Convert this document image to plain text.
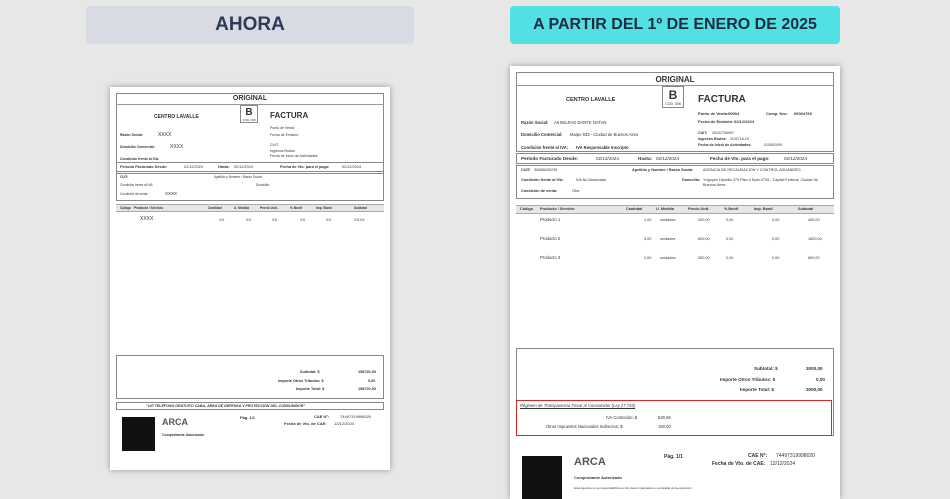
AHORA	A PARTIR DEL 1º DE ENERO DE 2025
ORIGINAL
CENTRO LAVALLE	B
COD. 006 FACTURA
Punto de Venta:
Fecha de Emisión:
CUIT:
Ingresos Brutos:
Fecha de Inicio de Actividades:
Razón Social:	XXXX
Domicilio Comercial:	XXXX
Condición frente al IVA:
Período Facturado Desde:	02/12/2024	Hasta: 02/12/2024	Fecha de Vto. para el pago:	02/12/2024
CUIT:	Apellido y Nombre / Razón Social:
Condición frente al IVA:	Domicilio:
Condición de venta:	XXXX
Código Producto / Servicio	Cantidad	U. Medida	Precio Unit.	% Bonif	Imp. Bonif.	Subtotal
XXXX	XX	XX	XX	XX	XX	XXXX
Subtotal: $	198720,00
Importe Otros Tributos: $	0,00
Importe Total: $	198720,00
"147 TELÉFONO GRATUITO CABA, ÁREA DE DEFENSA Y PROTECCIÓN DEL CONSUMIDOR"
ARCA
Comprobante Autorizado
Pág. 1/1	CAE N°:	74497319998020
Fecha de Vto. de CAE: 12/12/2024
ORIGINAL
CENTRO LAVALLE	B
COD. 006 FACTURA
Punto de Venta: 00004	Comp. Nro: 00004769
Fecha de Emisión: 02/12/2024
CUIT: 20242706097
Ingresos Brutos: 1102716-10
Fecha de Inicio de Actividades:	01/05/2009
Razón Social: AKSELRAD DANTE NATAN
Domicilio Comercial: Maipu 933 - Ciudad de Buenos Aires
Condición frente al IVA: IVA Responsable Inscripto
Período Facturado Desde:	02/12/2024	Hasta: 02/12/2024	Fecha de Vto. para el pago:	02/12/2024
CUIT: 30688430239	Apellido y Nombre / Razón Social: AGENCIA DE RECAUDACION Y CONTROL ADUANERO
Condición frente al IVA:	IVA No Alcanzado	Domicilio: Yrigoyen Hipolito 370 Piso:4 Dpto:4749 - Capital Federal, Ciudad de Buenos Aires
Condición de venta:	Otra
Código Producto / Servicio	Cantidad	U. Medida	Precio Unit.	% Bonif	Imp. Bonif.	Subtotal
Producto 1	1,00 unidades	400,00	0,00	0,00	400,00
Producto 2	3,00 unidades	600,00	0,00	0,00	1800,00
Producto 3	2,00 unidades	300,00	0,00	0,00	600,00
Subtotal: $	3000,00
Importe Otros Tributos: $	0,00
Importe Total: $	3000,00
Régimen de Transparencia Fiscal al Consumidor (Ley 27.743)
IVA Contenido: $	520,66
Otros Impuestos Nacionales Indirectos: $	150,00
ARCA
Comprobante Autorizado
Esta Agencia no se responsabiliza por los datos ingresados en el detalle de la operación
Pág. 1/1	CAE N°: 74497319998020
Fecha de Vto. de CAE: 12/12/2024
